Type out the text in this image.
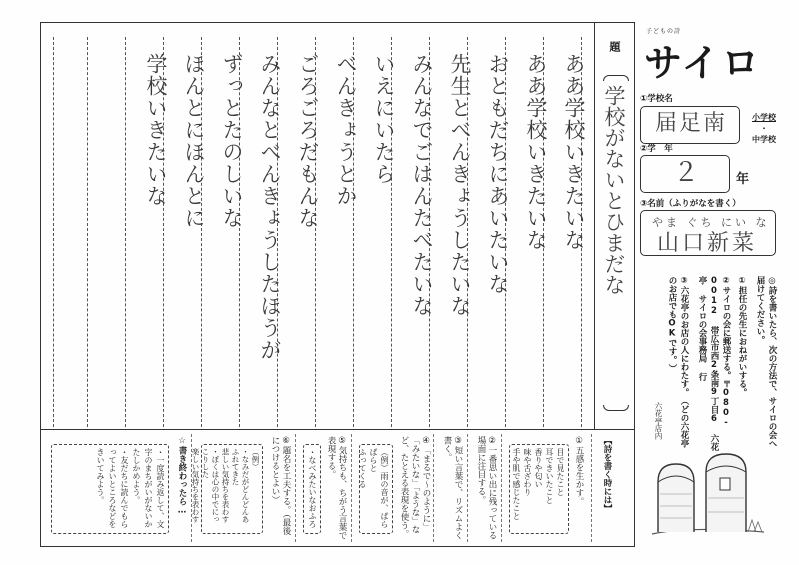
題
学校がないとひまだな
ああ学校いきたいな
ああ学校いきたいな
おともだちにあいたいな
先生とべんきょうしたいな
みんなでごはんたべたいな
いえにいたら
べんきょうとか
ごろごろだもんな
みんなとべんきょうしたほうが
ずっとたのしいな
ほんとにほんとに
学校いきたいな
【詩を書く時には】
①五感を生かす。
目で見たこと
耳できいたこと
香りや匂い
味や舌ざわり
手や肌で感じたこと
②一番思い出に残っている場面に注目する。
③短い言葉で、リズムよく書く。
④「まるで～のように」「みたいな」「ような」など、たとえる表現を使う。
（例）雨の音が、ぱらぱらと
ふってくる
⑤気持ちも、ちがう言葉で表現する。
・なべみたいなおふろ
⑥題名を工夫する。（最後につけるとよい）
（例）
・なみだがどんどんあふれてきた
悲しい気持ちを表わす
・ぼくは心の中でにっこりした
楽しい気持ちを表わす
☆書き終わったら…
・一度読み返して、文字のまちがいがないかたしかめよう。
・友だちに読んでもらってよいところなどをきいてみよう。
子どもの詩
サイロ
①学校名
届足南	小学校
・
中学校
②学　年
２	年
③名前（ふりがなを書く）
やま ぐち にい な
山口新菜
◎詩を書いたら、次の方法で、サイロの会へ届けてください。
①担任の先生におねがいする。
②サイロの会に郵送する。〒080-0012 帯広市西2条南9丁目6 六花亭 サイロの会事務局 行
③六花亭のお店の人にわたす。（どの六花亭のお店でもOKです。）
六花亭店内
